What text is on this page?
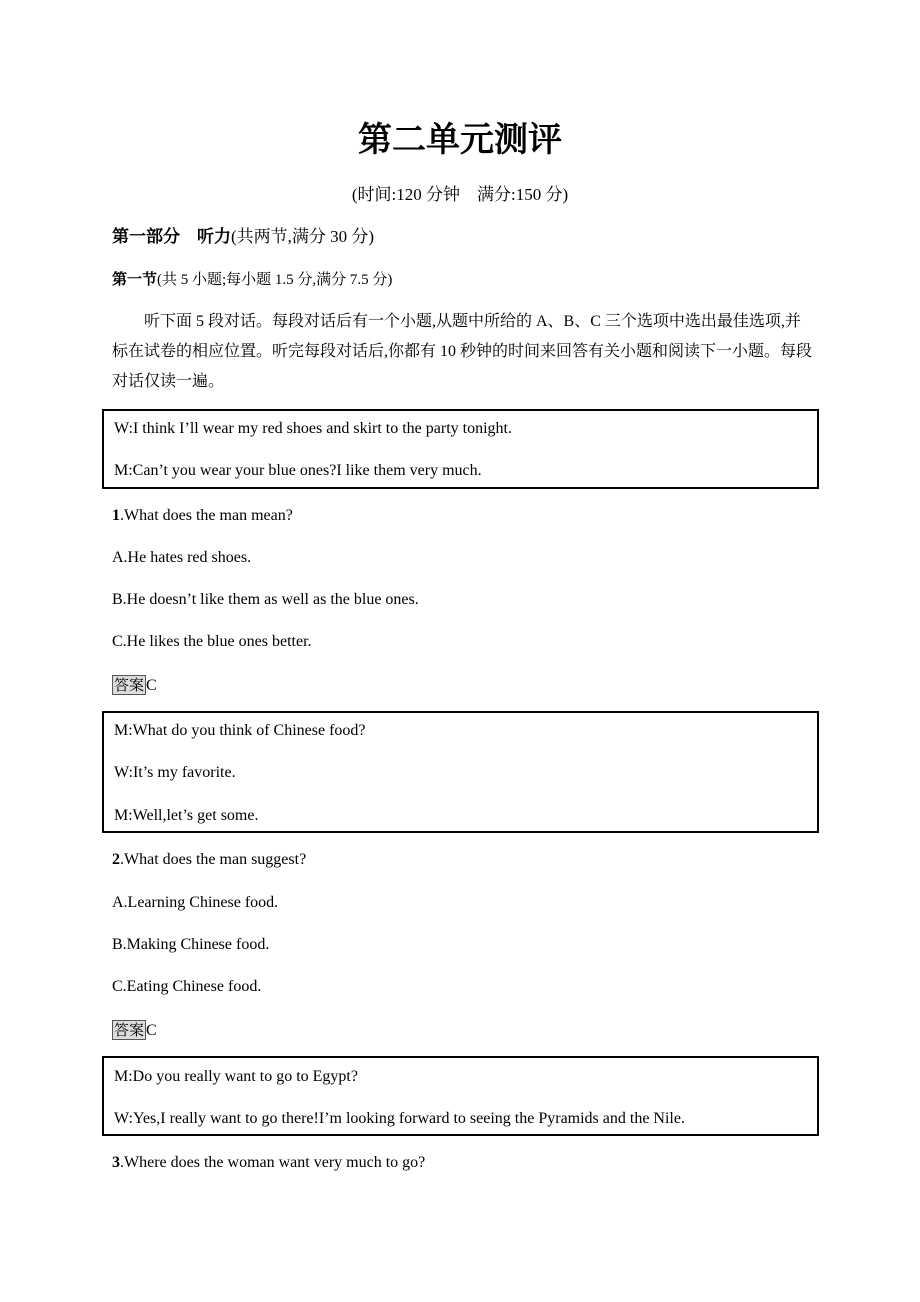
第二单元测评
(时间:120 分钟　满分:150 分)
第一部分　听力(共两节,满分 30 分)
第一节(共 5 小题;每小题 1.5 分,满分 7.5 分)
听下面 5 段对话。每段对话后有一个小题,从题中所给的 A、B、C 三个选项中选出最佳选项,并标在试卷的相应位置。听完每段对话后,你都有 10 秒钟的时间来回答有关小题和阅读下一小题。每段对话仅读一遍。
W:I think I’ll wear my red shoes and skirt to the party tonight.
M:Can’t you wear your blue ones?I like them very much.
1.What does the man mean?
A.He hates red shoes.
B.He doesn’t like them as well as the blue ones.
C.He likes the blue ones better.
答案 C
M:What do you think of Chinese food?
W:It’s my favorite.
M:Well,let’s get some.
2.What does the man suggest?
A.Learning Chinese food.
B.Making Chinese food.
C.Eating Chinese food.
答案 C
M:Do you really want to go to Egypt?
W:Yes,I really want to go there!I’m looking forward to seeing the Pyramids and the Nile.
3.Where does the woman want very much to go?
